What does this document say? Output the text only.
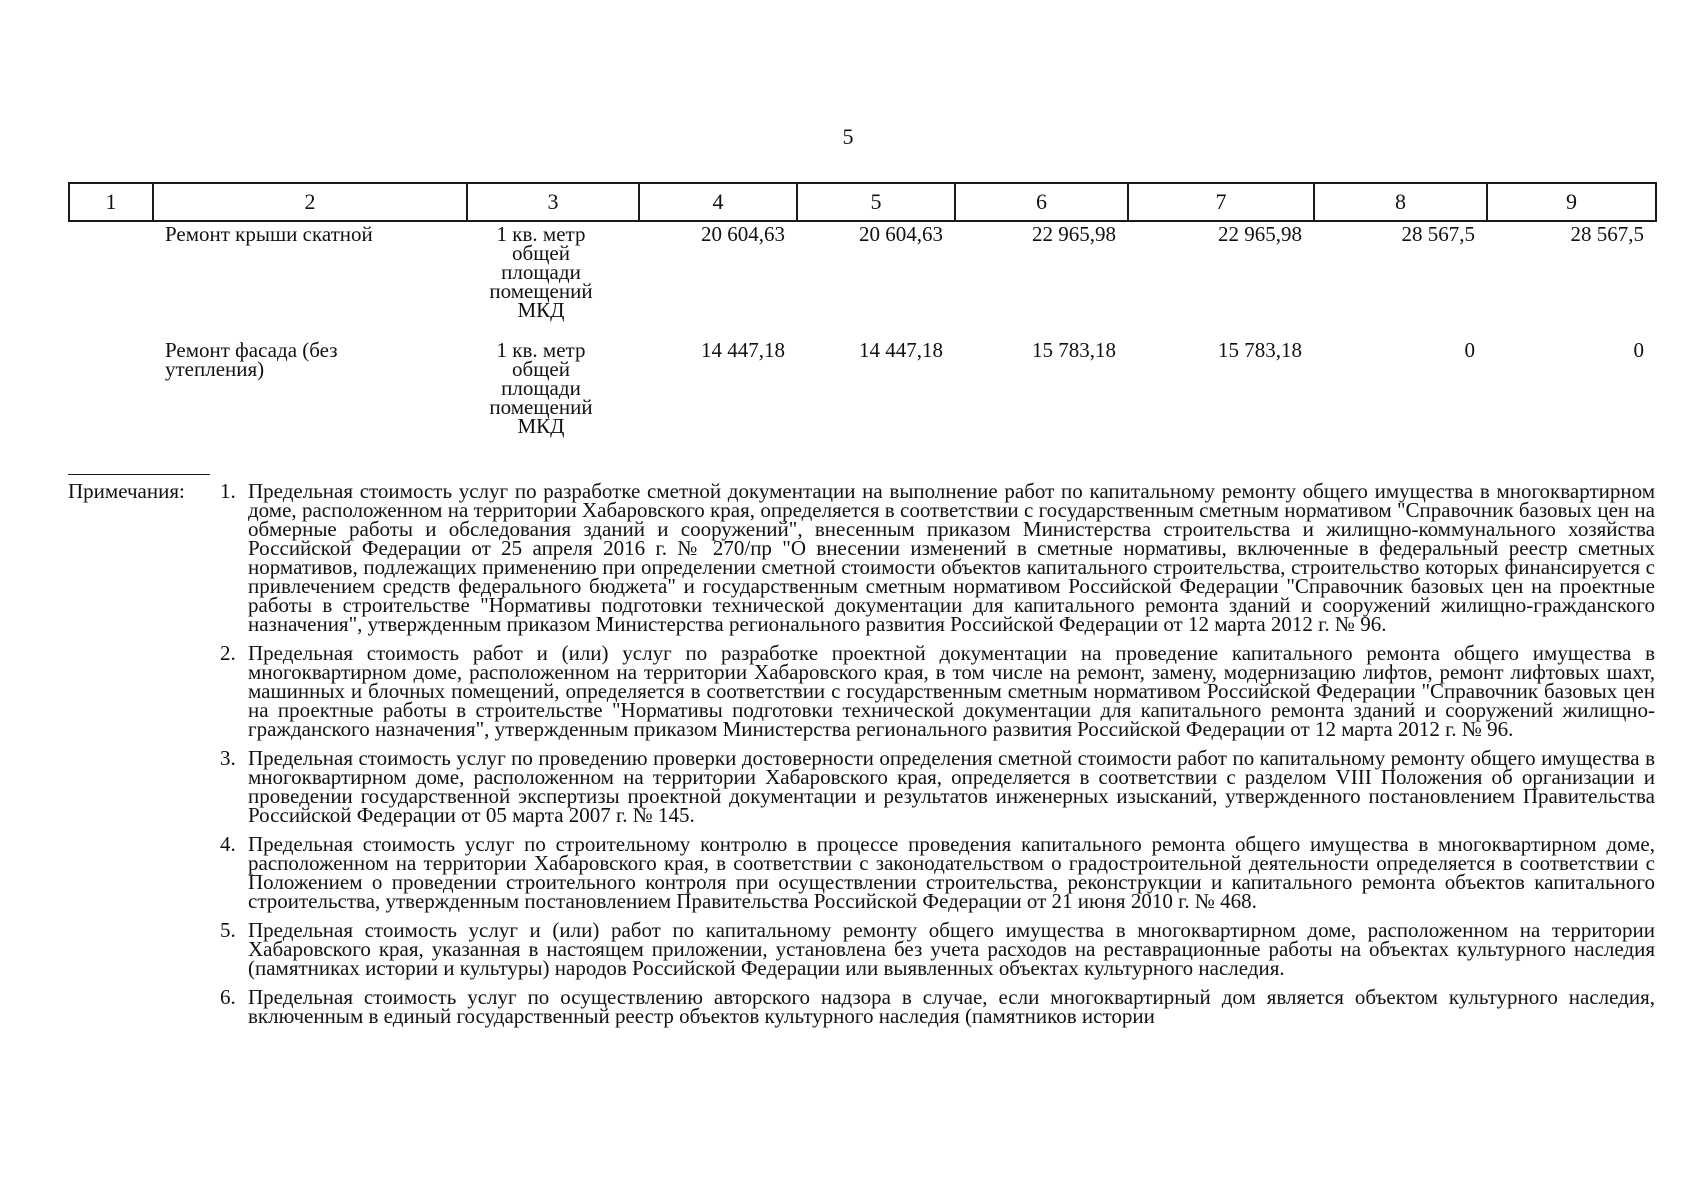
5
1	2	3	4	5	6	7	8	9
	Ремонт крыши скатной	1 кв. метр
общей
площади
помещений
МКД	20 604,63	20 604,63	22 965,98	22 965,98	28 567,5	28 567,5
	Ремонт фасада (без
утепления)	1 кв. метр
общей
площади
помещений
МКД	14 447,18	14 447,18	15 783,18	15 783,18	0	0
Примечания: 1. Предельная стоимость услуг по разработке сметной документации на выполнение работ по капитальному ремонту общего имущества в многоквартирном доме, расположенном на территории Хабаровского края, определяется в соответствии с государственным сметным нормативом "Справочник базовых цен на обмерные работы и обследования зданий и сооружений", внесенным приказом Министерства строительства и жилищно-коммунального хозяйства Российской Федерации от 25 апреля 2016 г. № 270/пр "О внесении изменений в сметные нормативы, включенные в федеральный реестр сметных нормативов, подлежащих применению при определении сметной стоимости объектов капитального строительства, строительство которых финансируется с привлечением средств федерального бюджета" и государственным сметным нормативом Российской Федерации "Справочник базовых цен на проектные работы в строительстве "Нормативы подготовки технической документации для капитального ремонта зданий и сооружений жилищно-гражданского назначения", утвержденным приказом Министерства регионального развития Российской Федерации от 12 марта 2012 г. № 96.
2. Предельная стоимость работ и (или) услуг по разработке проектной документации на проведение капитального ремонта общего имущества в многоквартирном доме, расположенном на территории Хабаровского края, в том числе на ремонт, замену, модернизацию лифтов, ремонт лифтовых шахт, машинных и блочных помещений, определяется в соответствии с государственным сметным нормативом Российской Федерации "Справочник базовых цен на проектные работы в строительстве "Нормативы подготовки технической документации для капитального ремонта зданий и сооружений жилищно-гражданского назначения", утвержденным приказом Министерства регионального развития Российской Федерации от 12 марта 2012 г. № 96.
3. Предельная стоимость услуг по проведению проверки достоверности определения сметной стоимости работ по капитальному ремонту общего имущества в многоквартирном доме, расположенном на территории Хабаровского края, определяется в соответствии с разделом VIII Положения об организации и проведении государственной экспертизы проектной документации и результатов инженерных изысканий, утвержденного постановлением Правительства Российской Федерации от 05 марта 2007 г. № 145.
4. Предельная стоимость услуг по строительному контролю в процессе проведения капитального ремонта общего имущества в многоквартирном доме, расположенном на территории Хабаровского края, в соответствии с законодательством о градостроительной деятельности определяется в соответствии с Положением о проведении строительного контроля при осуществлении строительства, реконструкции и капитального ремонта объектов капитального строительства, утвержденным постановлением Правительства Российской Федерации от 21 июня 2010 г. № 468.
5. Предельная стоимость услуг и (или) работ по капитальному ремонту общего имущества в многоквартирном доме, расположенном на территории Хабаровского края, указанная в настоящем приложении, установлена без учета расходов на реставрационные работы на объектах культурного наследия (памятниках истории и культуры) народов Российской Федерации или выявленных объектах культурного наследия.
6. Предельная стоимость услуг по осуществлению авторского надзора в случае, если многоквартирный дом является объектом культурного наследия, включенным в единый государственный реестр объектов культурного наследия (памятников истории
